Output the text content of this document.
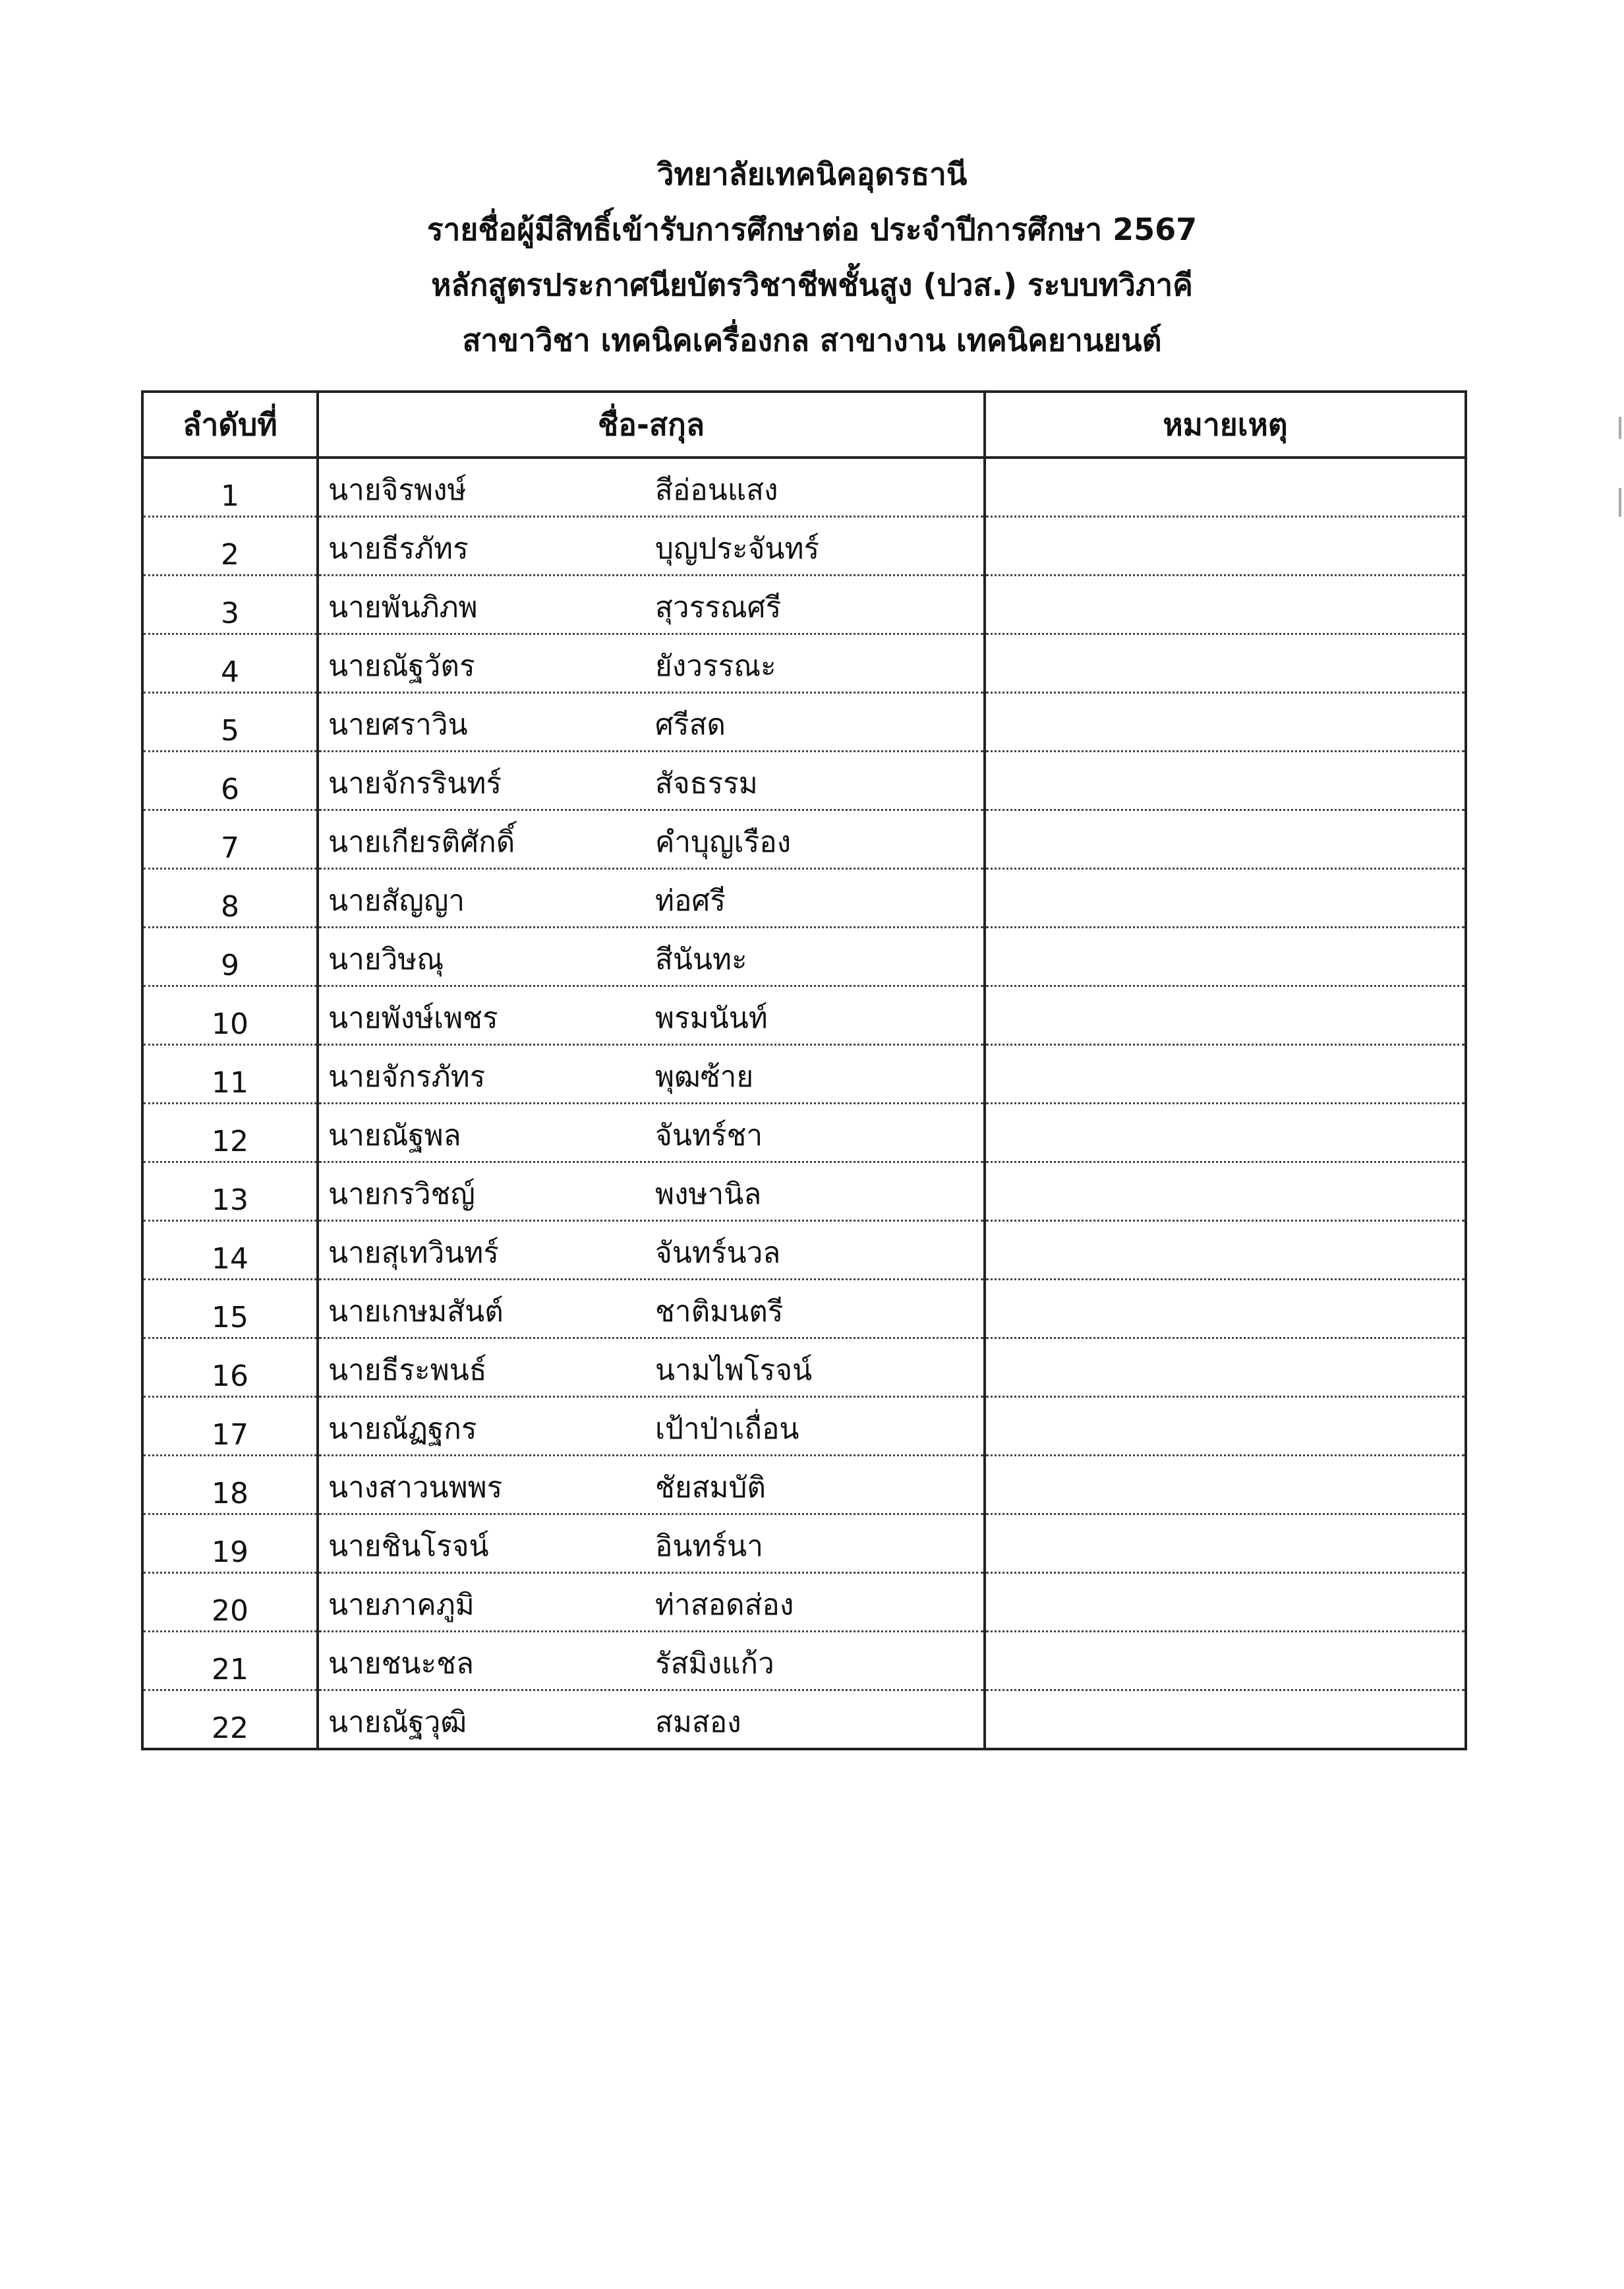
วิทยาลัยเทคนิคอุดรธานี
รายชื่อผู้มีสิทธิ์เข้ารับการศึกษาต่อ ประจำปีการศึกษา 2567
หลักสูตรประกาศนียบัตรวิชาชีพชั้นสูง (ปวส.) ระบบทวิภาคี
สาขาวิชา เทคนิคเครื่องกล สาขางาน เทคนิคยานยนต์
ลำดับที่	ชื่อ-สกุล	หมายเหตุ
1	นายจิรพงษ์ สีอ่อนแสง	

2	นายธีรภัทร บุญประจันทร์	

3	นายพันภิภพ สุวรรณศรี	

4	นายณัฐวัตร ยังวรรณะ	

5	นายศราวิน ศรีสด	

6	นายจักรรินทร์ สัจธรรม	

7	นายเกียรติศักดิ์ คำบุญเรือง	

8	นายสัญญา ท่อศรี	

9	นายวิษณุ สีนันทะ	

10	นายพังษ์เพชร พรมนันท์	

11	นายจักรภัทร พุฒซ้าย	

12	นายณัฐพล จันทร์ชา	

13	นายกรวิชญ์ พงษานิล	

14	นายสุเทวินทร์ จันทร์นวล	

15	นายเกษมสันต์ ชาติมนตรี	

16	นายธีระพนธ์ นามไพโรจน์	

17	นายณัฏฐกร เป้าป่าเถื่อน	

18	นางสาวนพพร ชัยสมบัติ	

19	นายชินโรจน์ อินทร์นา	

20	นายภาคภูมิ ท่าสอดส่อง	

21	นายชนะชล รัสมิงแก้ว	

22	นายณัฐวุฒิ สมสอง	
